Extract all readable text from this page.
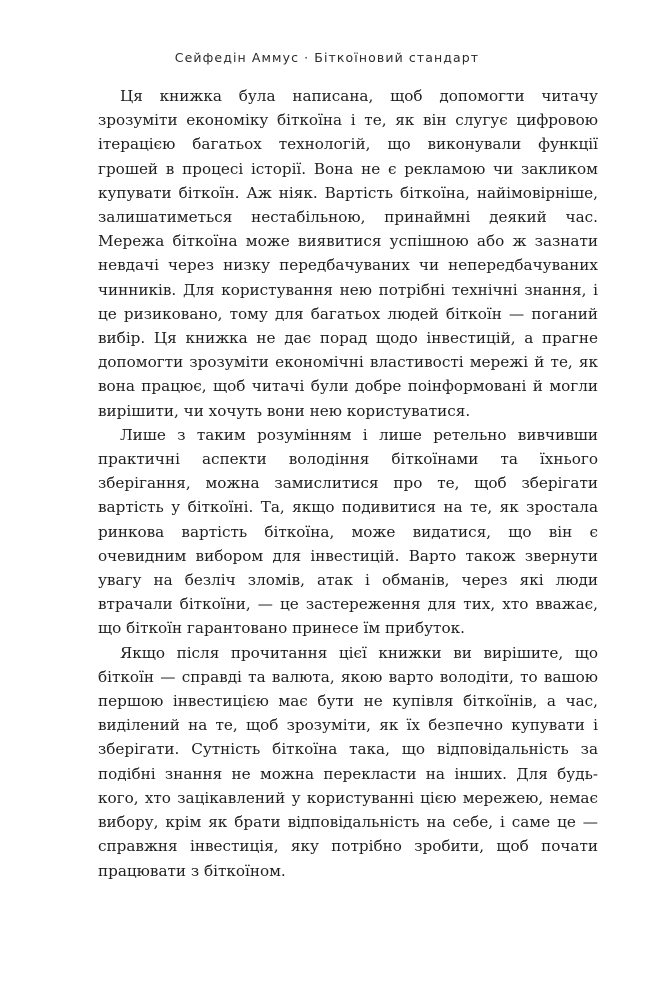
Сейфедін Аммус · Біткоїновий стандарт

Ця книжка була написана, щоб допомогти читачу зрозуміти економіку біткоїна і те, як він слугує цифровою ітерацією багатьох технологій, що виконували функції грошей в процесі історії. Вона не є рекламою чи закликом купувати біткоїн. Аж ніяк. Вартість біткоїна, найімовірніше, залишатиметься нестабільною, принаймні деякий час. Мережа біткоїна може виявитися успішною або ж зазнати невдачі через низку передбачуваних чи непередбачуваних чинників. Для користування нею потрібні технічні знання, і це ризиковано, тому для багатьох людей біткоїн — поганий вибір. Ця книжка не дає порад щодо інвестицій, а прагне допомогти зрозуміти економічні властивості мережі й те, як вона працює, щоб читачі були добре поінформовані й могли вирішити, чи хочуть вони нею користуватися.

Лише з таким розумінням і лише ретельно вивчивши практичні аспекти володіння біткоїнами та їхнього зберігання, можна замислитися про те, щоб зберігати вартість у біткоїні. Та, якщо подивитися на те, як зростала ринкова вартість біткоїна, може видатися, що він є очевидним вибором для інвестицій. Варто також звернути увагу на безліч зломів, атак і обманів, через які люди втрачали біткоїни, — це застереження для тих, хто вважає, що біткоїн гарантовано принесе їм прибуток.

Якщо після прочитання цієї книжки ви вирішите, що біткоїн — справді та валюта, якою варто володіти, то вашою першою інвестицією має бути не купівля біткоїнів, а час, виділений на те, щоб зрозуміти, як їх безпечно купувати і зберігати. Сутність біткоїна така, що відповідальність за подібні знання не можна перекласти на інших. Для будь-кого, хто зацікавлений у користуванні цією мережею, немає вибору, крім як брати відповідальність на себе, і саме це — справжня інвестиція, яку потрібно зробити, щоб почати працювати з біткоїном.
